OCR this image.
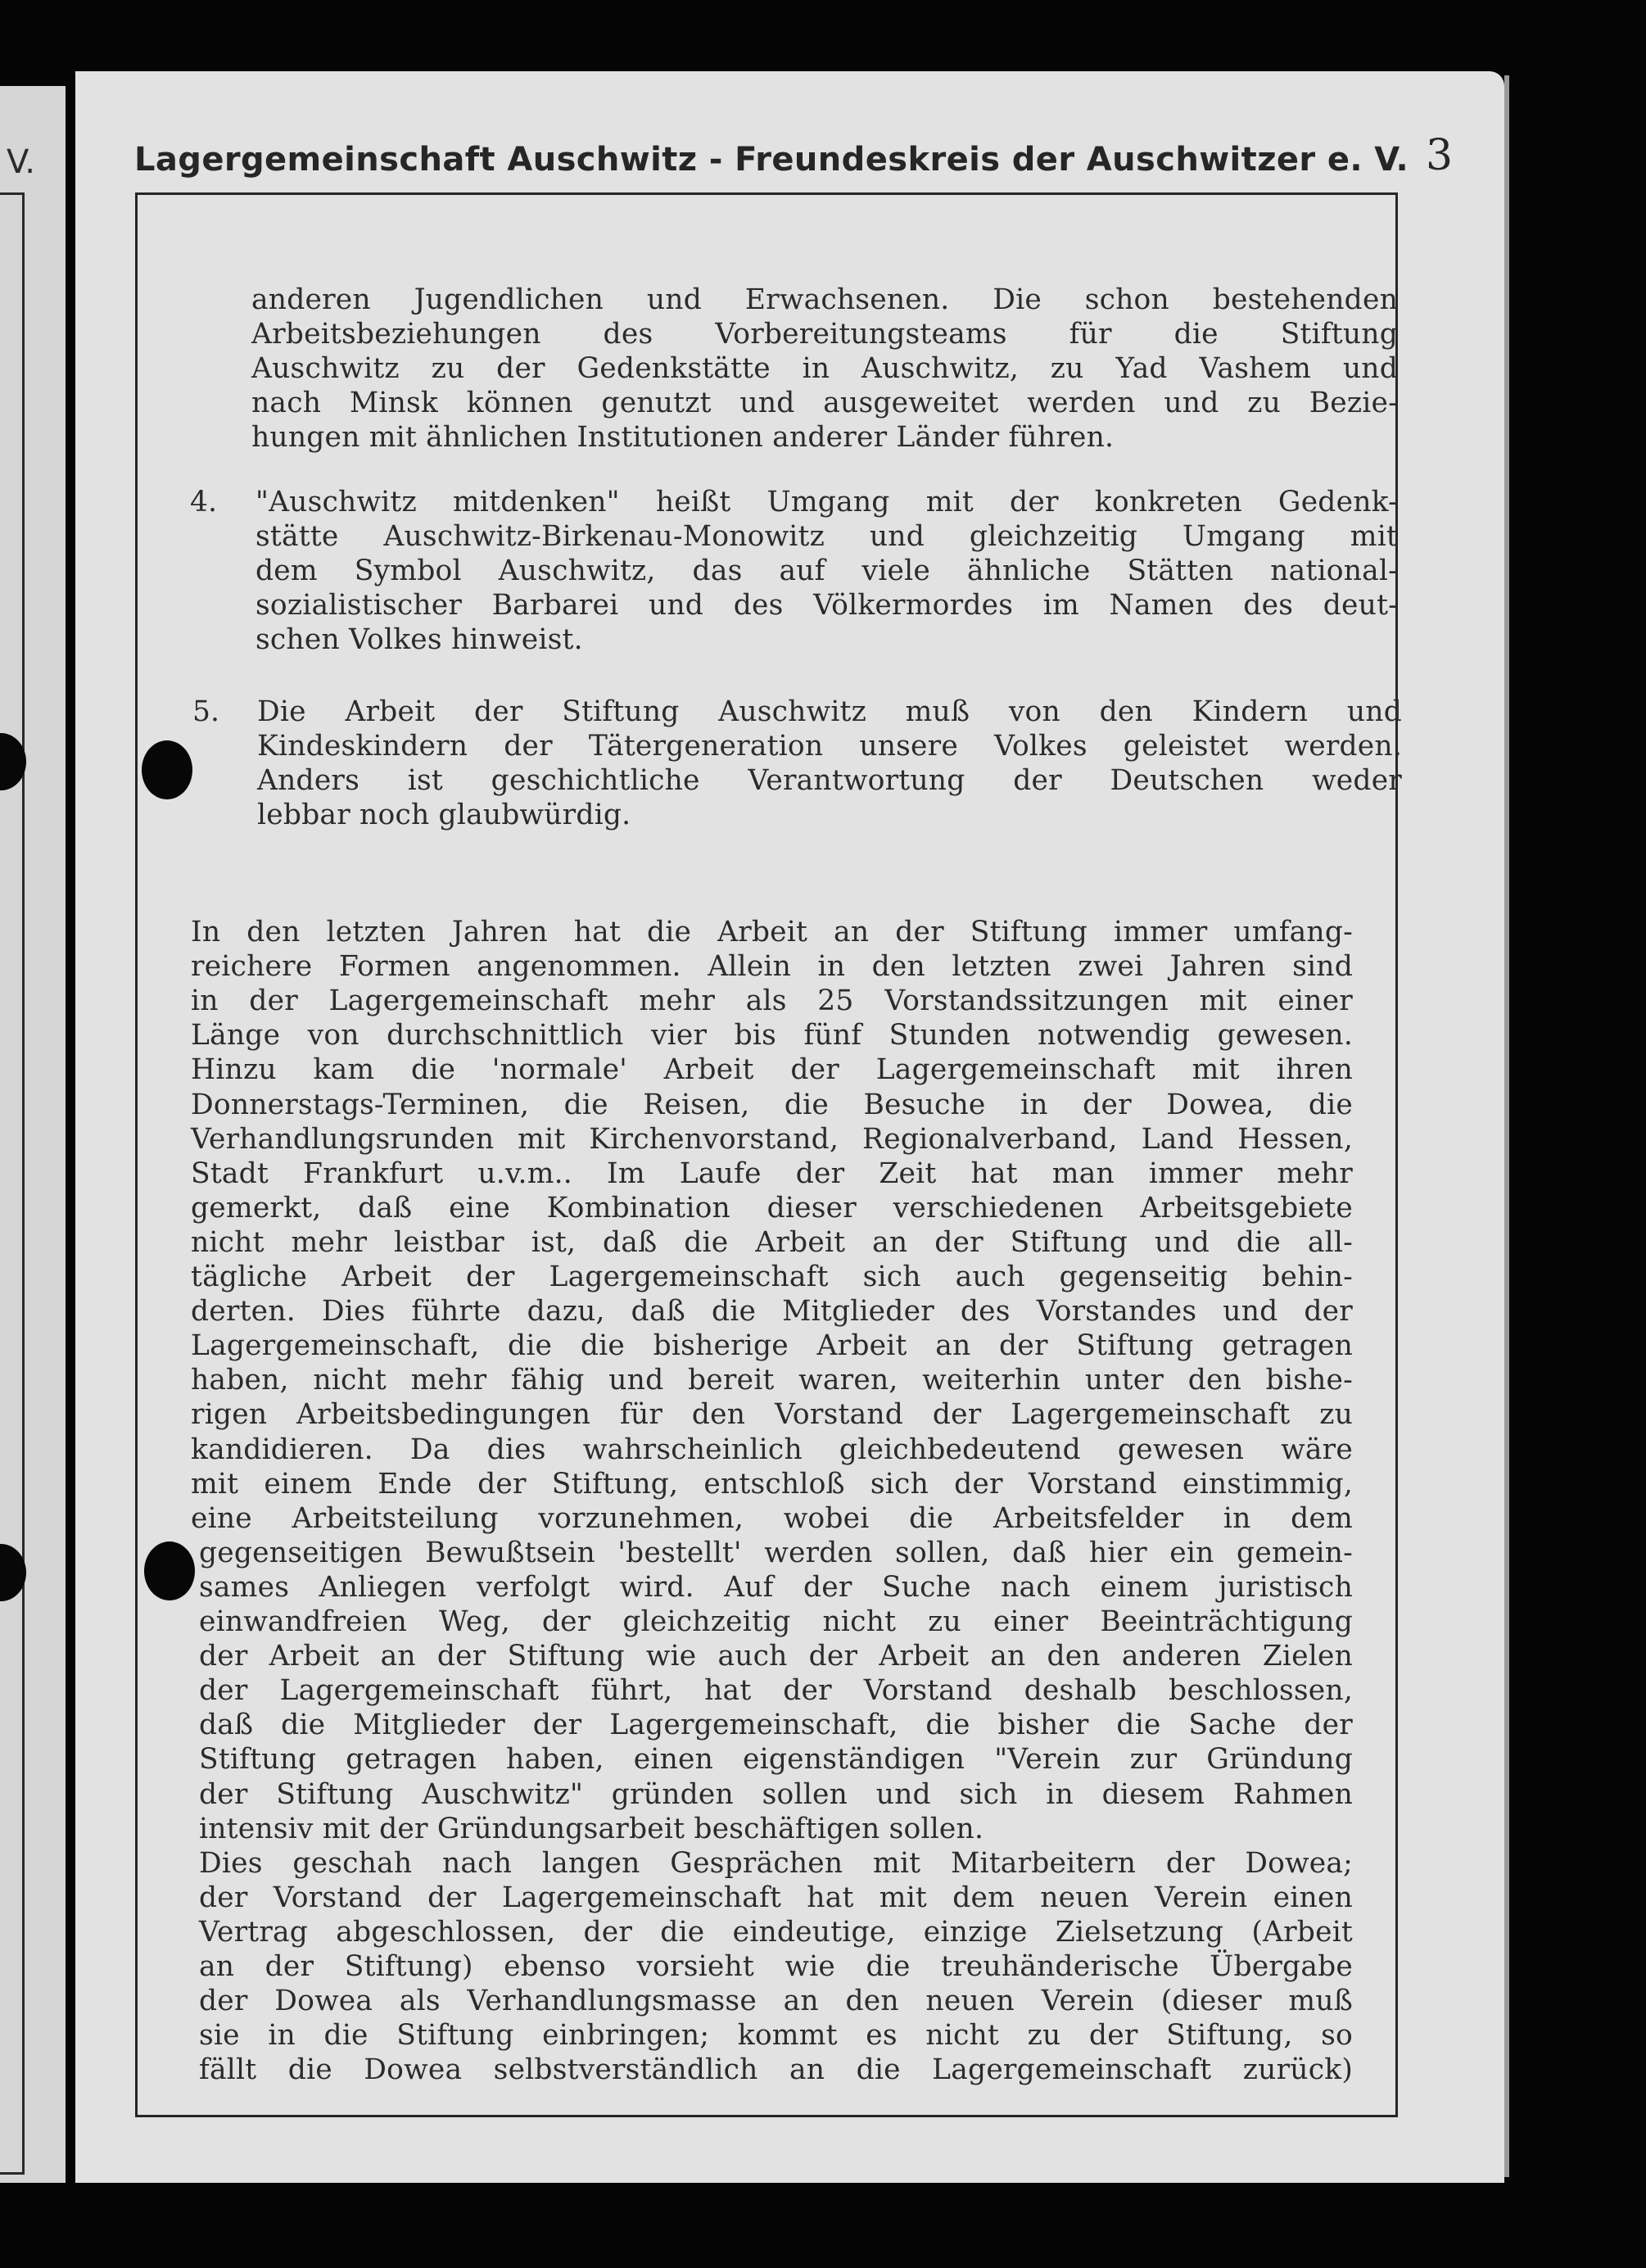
V.	Lagergemeinschaft Auschwitz - Freundeskreis der Auschwitzer e. V. 3
anderen Jugendlichen und Erwachsenen. Die schon bestehenden
Arbeitsbeziehungen des Vorbereitungsteams für die Stiftung
Auschwitz zu der Gedenkstätte in Auschwitz, zu Yad Vashem und
nach Minsk können genutzt und ausgeweitet werden und zu Bezie-
hungen mit ähnlichen Institutionen anderer Länder führen.
4. "Auschwitz mitdenken" heißt Umgang mit der konkreten Gedenk-
stätte Auschwitz-Birkenau-Monowitz und gleichzeitig Umgang mit
dem Symbol Auschwitz, das auf viele ähnliche Stätten national-
sozialistischer Barbarei und des Völkermordes im Namen des deut-
schen Volkes hinweist.
5. Die Arbeit der Stiftung Auschwitz muß von den Kindern und
Kindeskindern der Tätergeneration unsere Volkes geleistet werden.
Anders ist geschichtliche Verantwortung der Deutschen weder
lebbar noch glaubwürdig.
In den letzten Jahren hat die Arbeit an der Stiftung immer umfang-
reichere Formen angenommen. Allein in den letzten zwei Jahren sind
in der Lagergemeinschaft mehr als 25 Vorstandssitzungen mit einer
Länge von durchschnittlich vier bis fünf Stunden notwendig gewesen.
Hinzu kam die 'normale' Arbeit der Lagergemeinschaft mit ihren
Donnerstags-Terminen, die Reisen, die Besuche in der Dowea, die
Verhandlungsrunden mit Kirchenvorstand, Regionalverband, Land Hessen,
Stadt Frankfurt u.v.m.. Im Laufe der Zeit hat man immer mehr
gemerkt, daß eine Kombination dieser verschiedenen Arbeitsgebiete
nicht mehr leistbar ist, daß die Arbeit an der Stiftung und die all-
tägliche Arbeit der Lagergemeinschaft sich auch gegenseitig behin-
derten. Dies führte dazu, daß die Mitglieder des Vorstandes und der
Lagergemeinschaft, die die bisherige Arbeit an der Stiftung getragen
haben, nicht mehr fähig und bereit waren, weiterhin unter den bishe-
rigen Arbeitsbedingungen für den Vorstand der Lagergemeinschaft zu
kandidieren. Da dies wahrscheinlich gleichbedeutend gewesen wäre
mit einem Ende der Stiftung, entschloß sich der Vorstand einstimmig,
eine Arbeitsteilung vorzunehmen, wobei die Arbeitsfelder in dem
gegenseitigen Bewußtsein 'bestellt' werden sollen, daß hier ein gemein-
sames Anliegen verfolgt wird. Auf der Suche nach einem juristisch
einwandfreien Weg, der gleichzeitig nicht zu einer Beeinträchtigung
der Arbeit an der Stiftung wie auch der Arbeit an den anderen Zielen
der Lagergemeinschaft führt, hat der Vorstand deshalb beschlossen,
daß die Mitglieder der Lagergemeinschaft, die bisher die Sache der
Stiftung getragen haben, einen eigenständigen "Verein zur Gründung
der Stiftung Auschwitz" gründen sollen und sich in diesem Rahmen
intensiv mit der Gründungsarbeit beschäftigen sollen.
Dies geschah nach langen Gesprächen mit Mitarbeitern der Dowea;
der Vorstand der Lagergemeinschaft hat mit dem neuen Verein einen
Vertrag abgeschlossen, der die eindeutige, einzige Zielsetzung (Arbeit
an der Stiftung) ebenso vorsieht wie die treuhänderische Übergabe
der Dowea als Verhandlungsmasse an den neuen Verein (dieser muß
sie in die Stiftung einbringen; kommt es nicht zu der Stiftung, so
fällt die Dowea selbstverständlich an die Lagergemeinschaft zurück)
